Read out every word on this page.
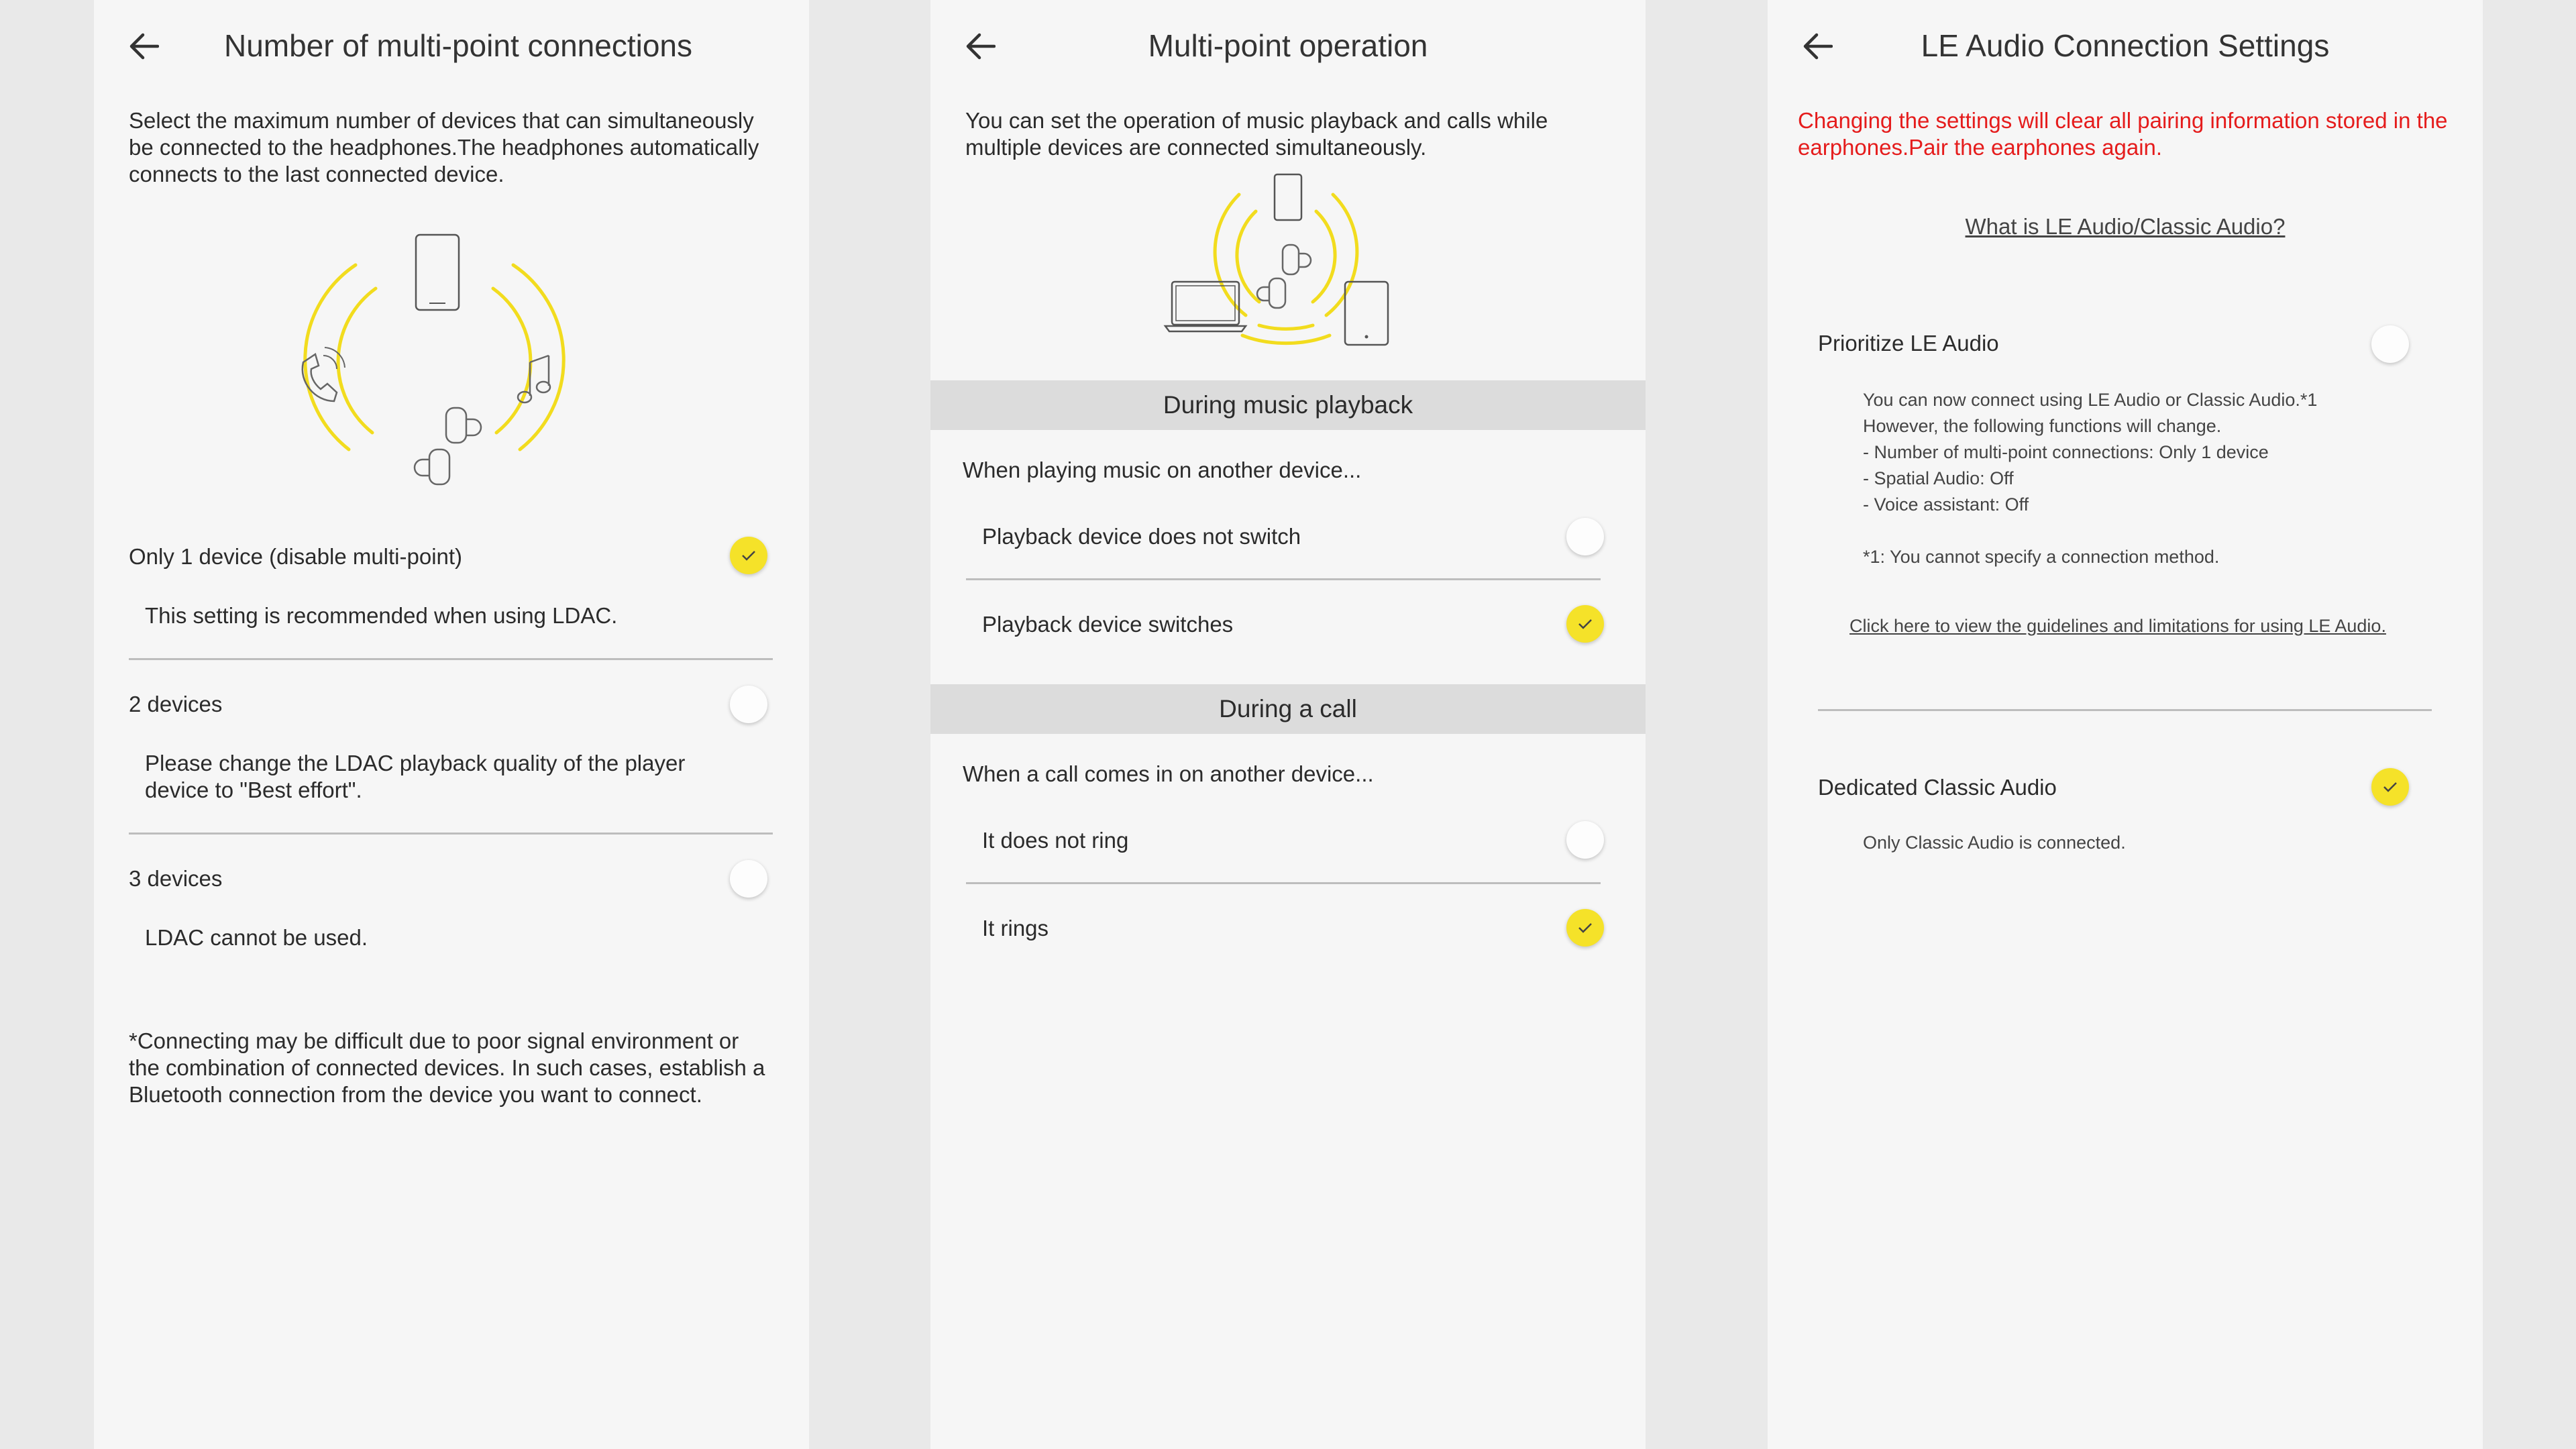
Number of multi-point connections
Select the maximum number of devices that can simultaneously be connected to the headphones.The headphones automatically connects to the last connected device.
Only 1 device (disable multi-point)
This setting is recommended when using LDAC.
2 devices
Please change the LDAC playback quality of the player device to "Best effort".
3 devices
LDAC cannot be used.
*Connecting may be difficult due to poor signal environment or the combination of connected devices. In such cases, establish a Bluetooth connection from the device you want to connect.
Multi-point operation
You can set the operation of music playback and calls while multiple devices are connected simultaneously.
During music playback
When playing music on another device...
Playback device does not switch
Playback device switches
During a call
When a call comes in on another device...
It does not ring
It rings
LE Audio Connection Settings
Changing the settings will clear all pairing information stored in the earphones.Pair the earphones again.
What is LE Audio/Classic Audio?
Prioritize LE Audio
You can now connect using LE Audio or Classic Audio.*1
However, the following functions will change.
- Number of multi-point connections: Only 1 device
- Spatial Audio: Off
- Voice assistant: Off
*1: You cannot specify a connection method.
Click here to view the guidelines and limitations for using LE Audio.
Dedicated Classic Audio
Only Classic Audio is connected.
